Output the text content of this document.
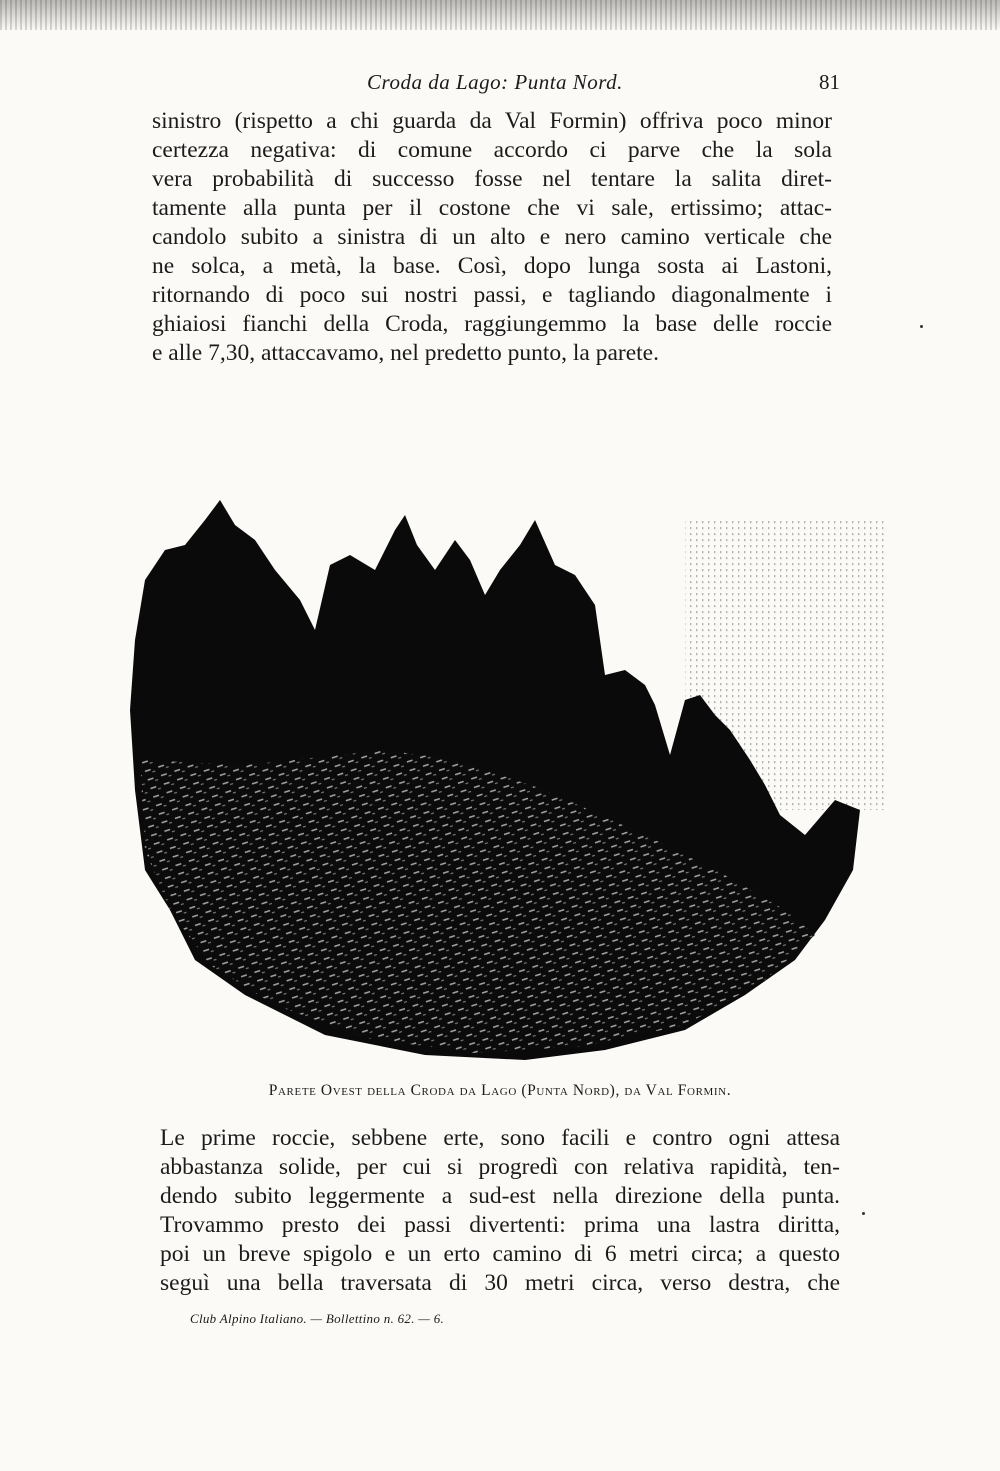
Croda da Lago: Punta Nord.	81
sinistro (rispetto a chi guarda da Val Formin) offriva poco minor
certezza negativa: di comune accordo ci parve che la sola
vera probabilità di successo fosse nel tentare la salita diret-
tamente alla punta per il costone che vi sale, ertissimo; attac-
candolo subito a sinistra di un alto e nero camino verticale che
ne solca, a metà, la base. Così, dopo lunga sosta ai Lastoni,
ritornando di poco sui nostri passi, e tagliando diagonalmente i
ghiaiosi fianchi della Croda, raggiungemmo la base delle roccie
e alle 7,30, attaccavamo, nel predetto punto, la parete.
Parete Ovest della Croda da Lago (Punta Nord), da Val Formin.
Le prime roccie, sebbene erte, sono facili e contro ogni attesa
abbastanza solide, per cui si progredì con relativa rapidità, ten-
dendo subito leggermente a sud-est nella direzione della punta.
Trovammo presto dei passi divertenti: prima una lastra diritta,
poi un breve spigolo e un erto camino di 6 metri circa; a questo
seguì una bella traversata di 30 metri circa, verso destra, che
Club Alpino Italiano. — Bollettino n. 62. — 6.
